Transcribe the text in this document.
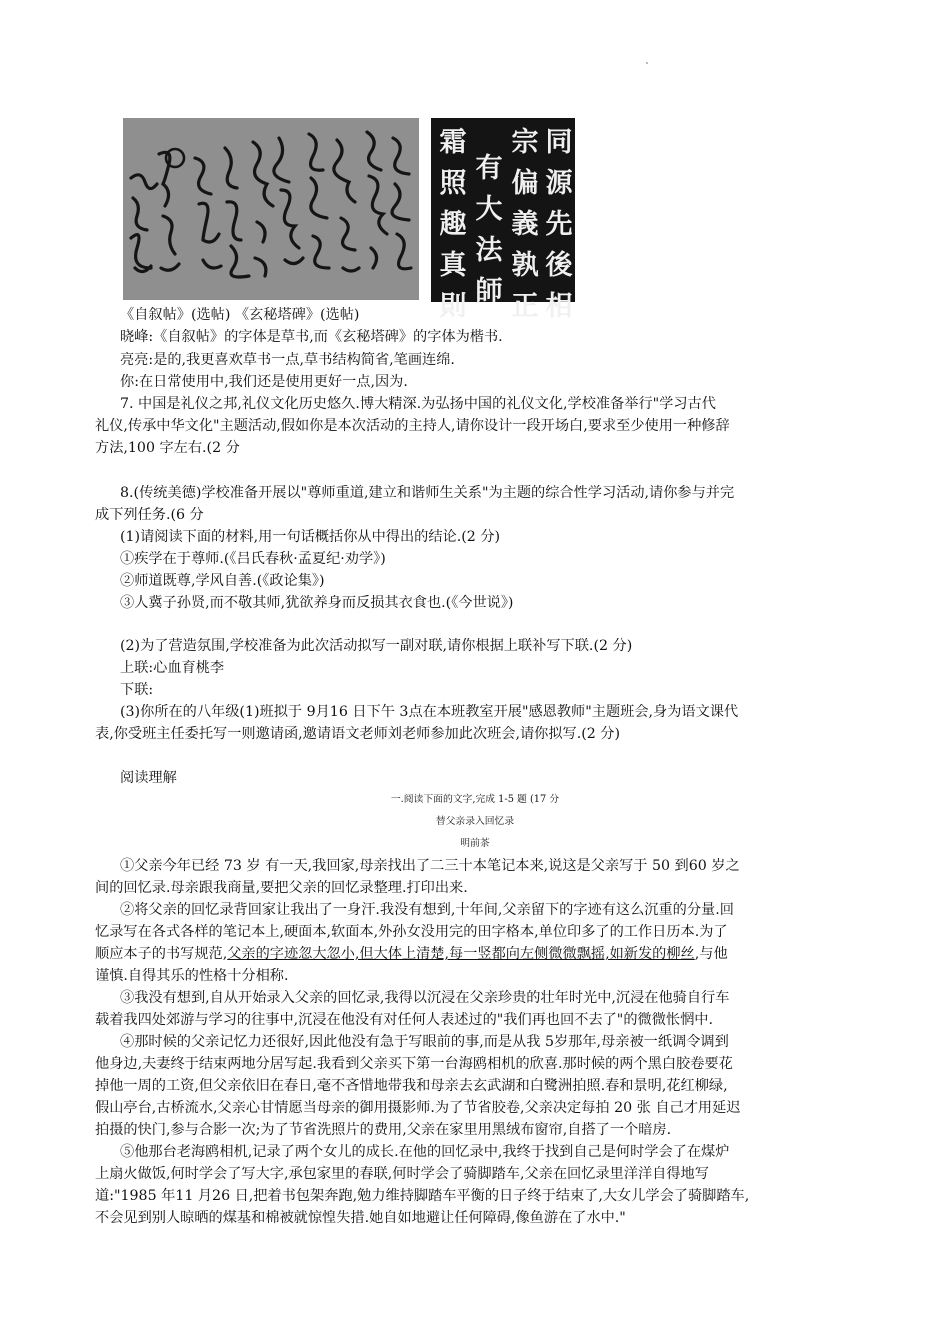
同
源
先
後
相
宗
偏
義
孰
正
有
大
法
師
霜
照
趣
真
則
《自叙帖》(选帖) 《玄秘塔碑》(选帖)
晓峰:《自叙帖》的字体是草书,而《玄秘塔碑》的字体为楷书.
亮亮:是的,我更喜欢草书一点,草书结构简省,笔画连绵.
你:在日常使用中,我们还是使用更好一点,因为.
7. 中国是礼仪之邦,礼仪文化历史悠久.博大精深.为弘扬中国的礼仪文化,学校准备举行"学习古代
礼仪,传承中华文化"主题活动,假如你是本次活动的主持人,请你设计一段开场白,要求至少使用一种修辞
方法,100 字左右.(2 分
8.(传统美德)学校准备开展以"尊师重道,建立和谐师生关系"为主题的综合性学习活动,请你参与并完
成下列任务.(6 分
(1)请阅读下面的材料,用一句话概括你从中得出的结论.(2 分)
①疾学在于尊师.(《吕氏春秋·孟夏纪·劝学》)
②师道既尊,学风自善.(《政论集》)
③人冀子孙贤,而不敬其师,犹欲养身而反损其衣食也.(《今世说》)
(2)为了营造氛围,学校准备为此次活动拟写一副对联,请你根据上联补写下联.(2 分)
上联:心血育桃李
下联:
(3)你所在的八年级(1)班拟于 9月16 日下午 3点在本班教室开展"感恩教师"主题班会,身为语文课代
表,你受班主任委托写一则邀请函,邀请语文老师刘老师参加此次班会,请你拟写.(2 分)
阅读理解
一.阅读下面的文字,完成 1-5 题 (17 分
替父亲录入回忆录
明前茶
①父亲今年已经 73 岁 有一天,我回家,母亲找出了二三十本笔记本来,说这是父亲写于 50 到60 岁之
间的回忆录.母亲跟我商量,要把父亲的回忆录整理.打印出来.
②将父亲的回忆录背回家让我出了一身汗.我没有想到,十年间,父亲留下的字迹有这么沉重的分量.回
忆录写在各式各样的笔记本上,硬面本,软面本,外孙女没用完的田字格本,单位印多了的工作日历本.为了
顺应本子的书写规范,父亲的字迹忽大忽小,但大体上清楚,每一竖都向左侧微微飘摇,如新发的柳丝,与他
谨慎.自得其乐的性格十分相称.
③我没有想到,自从开始录入父亲的回忆录,我得以沉浸在父亲珍贵的壮年时光中,沉浸在他骑自行车
载着我四处郊游与学习的往事中,沉浸在他没有对任何人表述过的"我们再也回不去了"的微微怅惘中.
④那时候的父亲记忆力还很好,因此他没有急于写眼前的事,而是从我 5岁那年,母亲被一纸调令调到
他身边,夫妻终于结束两地分居写起.我看到父亲买下第一台海鸥相机的欣喜.那时候的两个黑白胶卷要花
掉他一周的工资,但父亲依旧在春日,毫不吝惜地带我和母亲去玄武湖和白鹭洲拍照.春和景明,花红柳绿,
假山亭台,古桥流水,父亲心甘情愿当母亲的御用摄影师.为了节省胶卷,父亲决定每拍 20 张 自己才用延迟
拍摄的快门,参与合影一次;为了节省洗照片的费用,父亲在家里用黑绒布窗帘,自搭了一个暗房.
⑤他那台老海鸥相机,记录了两个女儿的成长.在他的回忆录中,我终于找到自己是何时学会了在煤炉
上扇火做饭,何时学会了写大字,承包家里的春联,何时学会了骑脚踏车,父亲在回忆录里洋洋自得地写
道:"1985 年11 月26 日,把着书包架奔跑,勉力维持脚踏车平衡的日子终于结束了,大女儿学会了骑脚踏车,
不会见到别人晾晒的煤基和棉被就惊惶失措.她自如地避让任何障碍,像鱼游在了水中."
